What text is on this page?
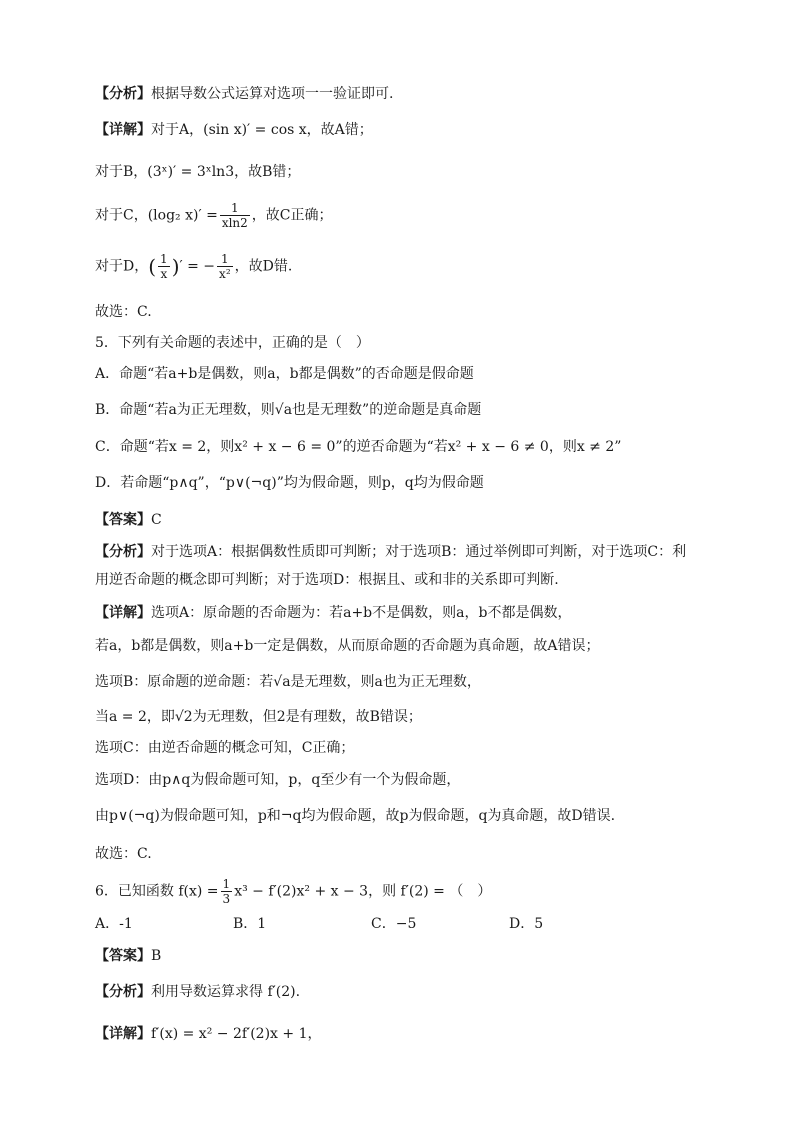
【分析】根据导数公式运算对选项一一验证即可.
【详解】对于A，(sin x)′ = cos x，故A错；
对于B，(3ˣ)′ = 3ˣln3，故B错；
对于C，(log₂ $x)' = \frac{1}{xln2}$ ，故C正确；
对于D，( $\frac{1}{x}$ )′ = − $\frac{1}{\text{x²}}$ ，故D错.
故选：C.
5．下列有关命题的表述中，正确的是（　）
A．命题“若a+b是偶数，则a，b都是偶数”的否命题是假命题
B．命题“若a为正无理数，则√a也是无理数”的逆命题是真命题
C．命题“若x = 2，则x² + x − 6 = 0”的逆否命题为“若x² + x − 6 ≠ 0，则x ≠ 2”
D．若命题“p∧q”，“p∨(¬q)”均为假命题，则p，q均为假命题
【答案】C
【分析】对于选项A：根据偶数性质即可判断；对于选项B：通过举例即可判断，对于选项C：利
用逆否命题的概念即可判断；对于选项D：根据且、或和非的关系即可判断.
【详解】选项A：原命题的否命题为：若a+b不是偶数，则a，b不都是偶数，
若a，b都是偶数，则a+b一定是偶数，从而原命题的否命题为真命题，故A错误；
选项B：原命题的逆命题：若√a是无理数，则a也为正无理数，
当a = 2，即√2为无理数，但2是有理数，故B错误；
选项C：由逆否命题的概念可知，C正确；
选项D：由p∧q为假命题可知，p，q至少有一个为假命题，
由p∨(¬q)为假命题可知，p和¬q均为假命题，故p为假命题，q为真命题，故D错误.
故选：C.
6．已知函数 $f(x) = \frac{1}{3} x^3 - f'(2)x^2 + x - 3$，则 f′(2) = （　）
A．-1	B．1	C．−5	D．5
【答案】B
【分析】利用导数运算求得 f′(2).
【详解】f′(x) = x² − 2f′(2)x + 1，
